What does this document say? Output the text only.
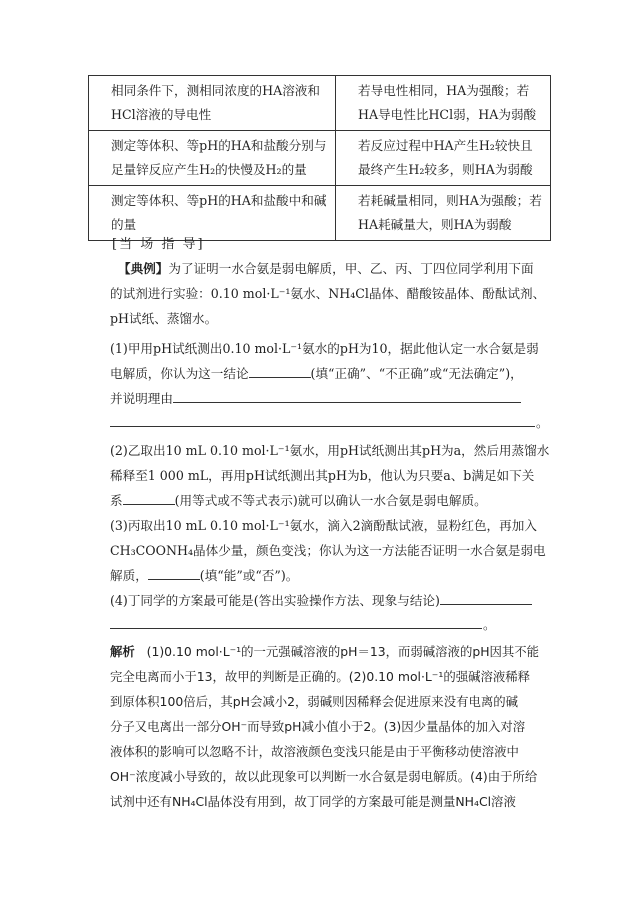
相同条件下，测相同浓度的HA溶液和HCl溶液的导电性	若导电性相同，HA为强酸；若HA导电性比HCl弱，HA为弱酸
测定等体积、等pH的HA和盐酸分别与足量锌反应产生H₂的快慢及H₂的量	若反应过程中HA产生H₂较快且最终产生H₂较多，则HA为弱酸
测定等体积、等pH的HA和盐酸中和碱的量	若耗碱量相同，则HA为强酸；若HA耗碱量大，则HA为弱酸
[当 场 指 导]
【典例】为了证明一水合氨是弱电解质，甲、乙、丙、丁四位同学利用下面
的试剂进行实验：0.10 mol·L⁻¹氨水、NH₄Cl晶体、醋酸铵晶体、酚酞试剂、
pH试纸、蒸馏水。
(1)甲用pH试纸测出0.10 mol·L⁻¹氨水的pH为10，据此他认定一水合氨是弱
电解质，你认为这一结论	(填“正确”、“不正确”或“无法确定”)，
并说明理由
。
(2)乙取出10 mL 0.10 mol·L⁻¹氨水，用pH试纸测出其pH为a，然后用蒸馏水
稀释至1 000 mL，再用pH试纸测出其pH为b，他认为只要a、b满足如下关
系	(用等式或不等式表示)就可以确认一水合氨是弱电解质。
(3)丙取出10 mL 0.10 mol·L⁻¹氨水，滴入2滴酚酞试液，显粉红色，再加入
CH₃COONH₄晶体少量，颜色变浅；你认为这一方法能否证明一水合氨是弱电
解质，	(填“能”或“否”)。
(4)丁同学的方案最可能是(答出实验操作方法、现象与结论)
。
解析 (1)0.10 mol·L⁻¹的一元强碱溶液的pH＝13，而弱碱溶液的pH因其不能
完全电离而小于13，故甲的判断是正确的。(2)0.10 mol·L⁻¹的强碱溶液稀释
到原体积100倍后，其pH会减小2，弱碱则因稀释会促进原来没有电离的碱
分子又电离出一部分OH⁻而导致pH减小值小于2。(3)因少量晶体的加入对溶
液体积的影响可以忽略不计，故溶液颜色变浅只能是由于平衡移动使溶液中
OH⁻浓度减小导致的，故以此现象可以判断一水合氨是弱电解质。(4)由于所给
试剂中还有NH₄Cl晶体没有用到，故丁同学的方案最可能是测量NH₄Cl溶液
